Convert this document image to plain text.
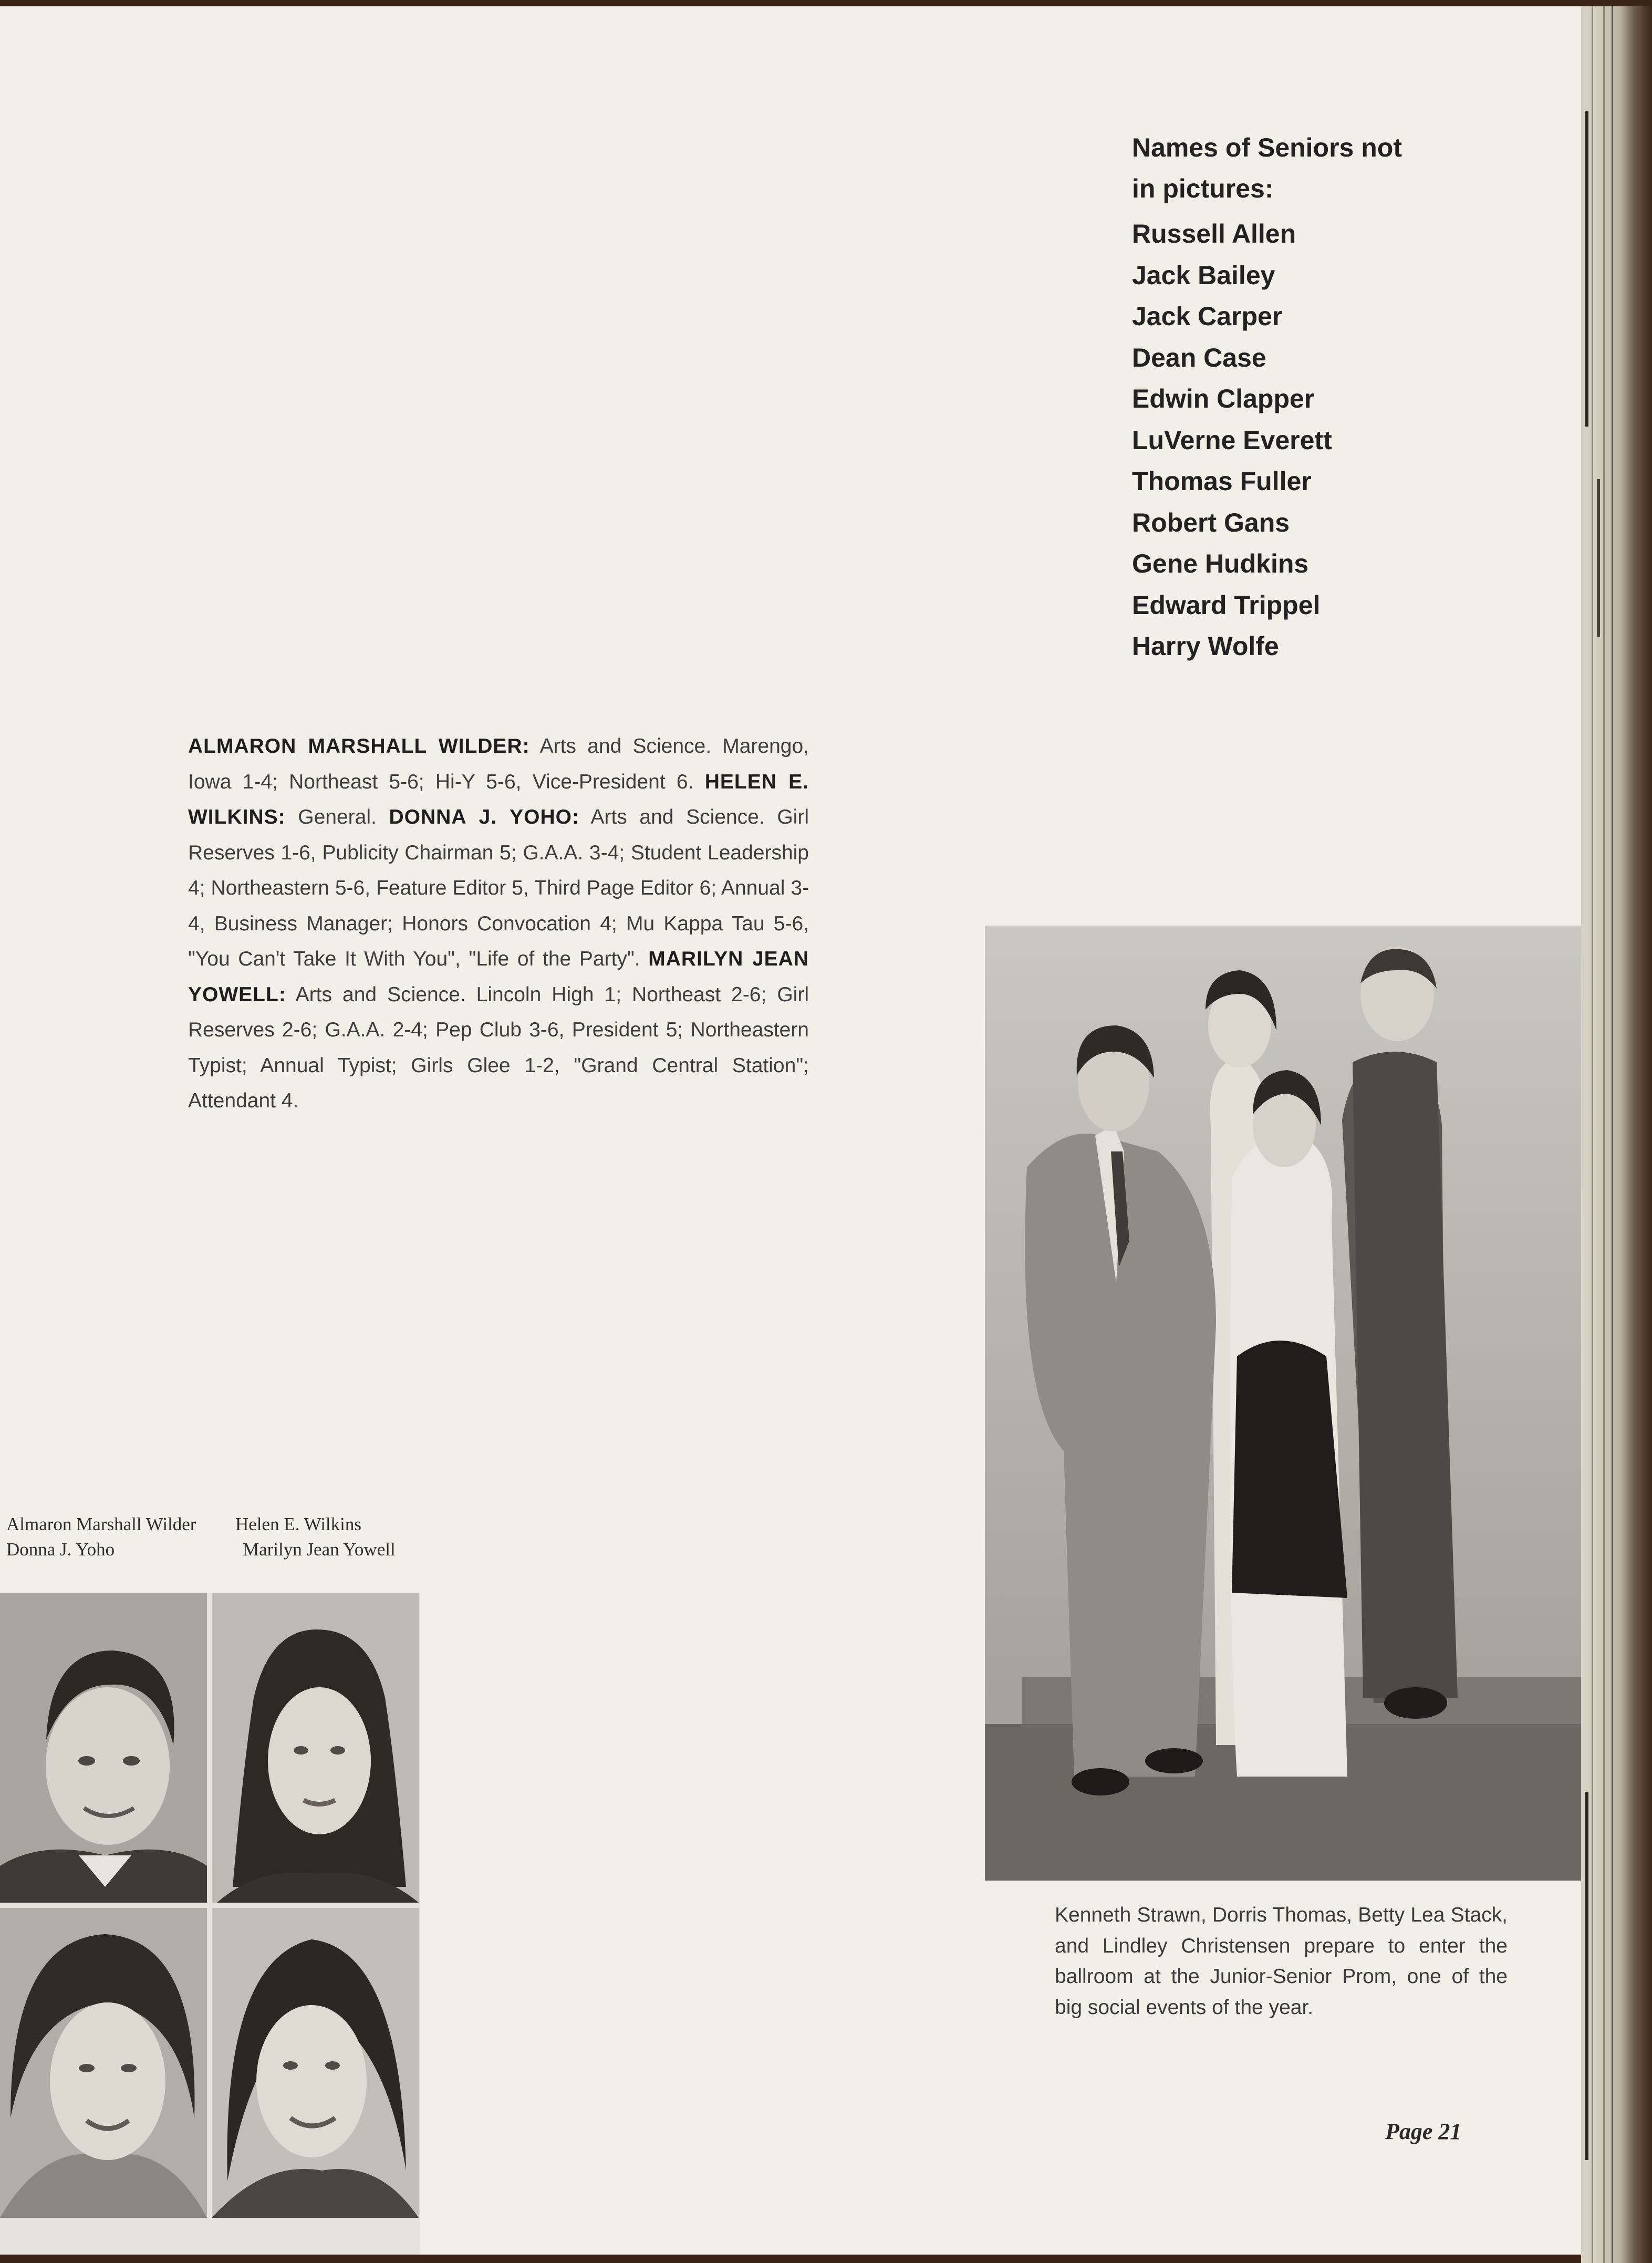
Names of Seniors not in pictures:
Russell Allen
Jack Bailey
Jack Carper
Dean Case
Edwin Clapper
LuVerne Everett
Thomas Fuller
Robert Gans
Gene Hudkins
Edward Trippel
Harry Wolfe
ALMARON MARSHALL WILDER: Arts and Science. Marengo, Iowa 1-4; Northeast 5-6; Hi-Y 5-6, Vice-President 6. HELEN E. WILKINS: General. DONNA J. YOHO: Arts and Science. Girl Reserves 1-6, Publicity Chairman 5; G.A.A. 3-4; Student Leadership 4; Northeastern 5-6, Feature Editor 5, Third Page Editor 6; Annual 3-4, Business Manager; Honors Convocation 4; Mu Kappa Tau 5-6, "You Can't Take It With You", "Life of the Party". MARILYN JEAN YOWELL: Arts and Science. Lincoln High 1; Northeast 2-6; Girl Reserves 2-6; G.A.A. 2-4; Pep Club 3-6, President 5; Northeastern Typist; Annual Typist; Girls Glee 1-2, "Grand Central Station"; Attendant 4.
Almaron Marshall Wilder Helen E. Wilkins
Donna J. Yoho	Marilyn Jean Yowell
Kenneth Strawn, Dorris Thomas, Betty Lea Stack, and Lindley Christensen prepare to enter the ballroom at the Junior-Senior Prom, one of the big social events of the year.
Page 21
